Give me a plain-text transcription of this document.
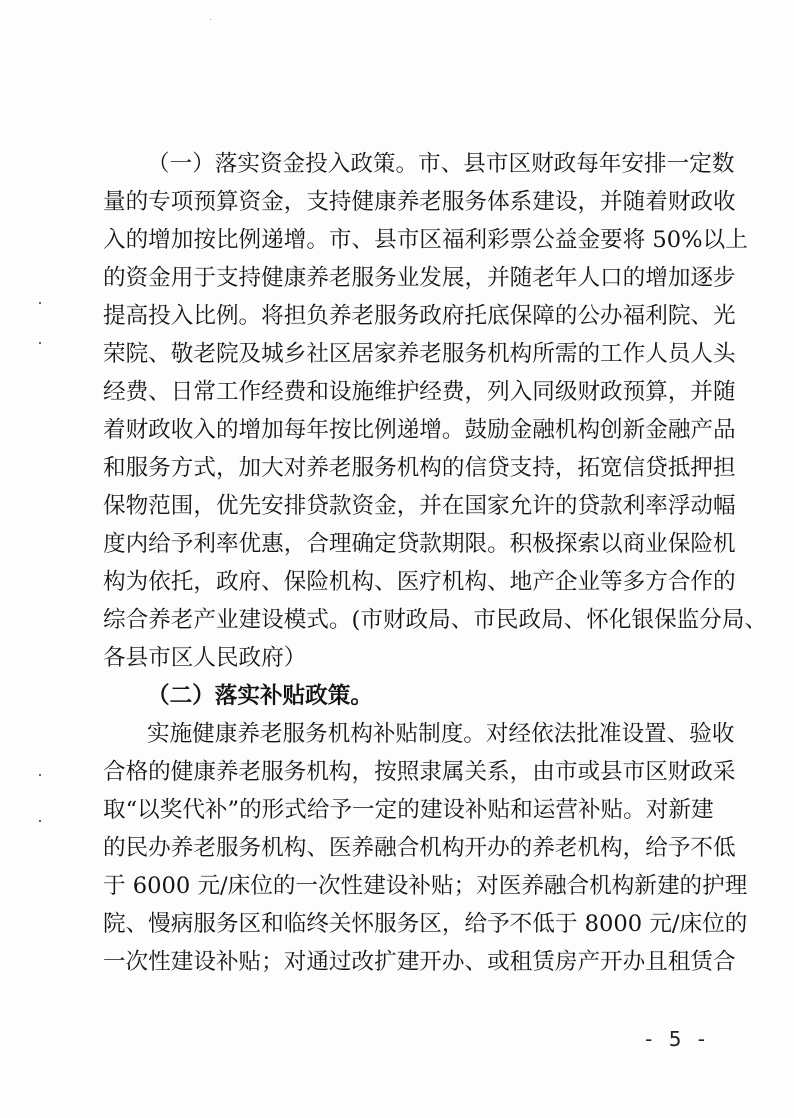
（一）落实资金投入政策。市、县市区财政每年安排一定数
量的专项预算资金，支持健康养老服务体系建设，并随着财政收
入的增加按比例递增。市、县市区福利彩票公益金要将 50%以上
的资金用于支持健康养老服务业发展，并随老年人口的增加逐步
提高投入比例。将担负养老服务政府托底保障的公办福利院、光
荣院、敬老院及城乡社区居家养老服务机构所需的工作人员人头
经费、日常工作经费和设施维护经费，列入同级财政预算，并随
着财政收入的增加每年按比例递增。鼓励金融机构创新金融产品
和服务方式，加大对养老服务机构的信贷支持，拓宽信贷抵押担
保物范围，优先安排贷款资金，并在国家允许的贷款利率浮动幅
度内给予利率优惠，合理确定贷款期限。积极探索以商业保险机
构为依托，政府、保险机构、医疗机构、地产企业等多方合作的
综合养老产业建设模式。(市财政局、市民政局、怀化银保监分局、
各县市区人民政府）
（二）落实补贴政策。
实施健康养老服务机构补贴制度。对经依法批准设置、验收
合格的健康养老服务机构，按照隶属关系，由市或县市区财政采
取“以奖代补”的形式给予一定的建设补贴和运营补贴。对新建
的民办养老服务机构、医养融合机构开办的养老机构，给予不低
于 6000 元/床位的一次性建设补贴；对医养融合机构新建的护理
院、慢病服务区和临终关怀服务区，给予不低于 8000 元/床位的
一次性建设补贴；对通过改扩建开办、或租赁房产开办且租赁合
- 5 -
